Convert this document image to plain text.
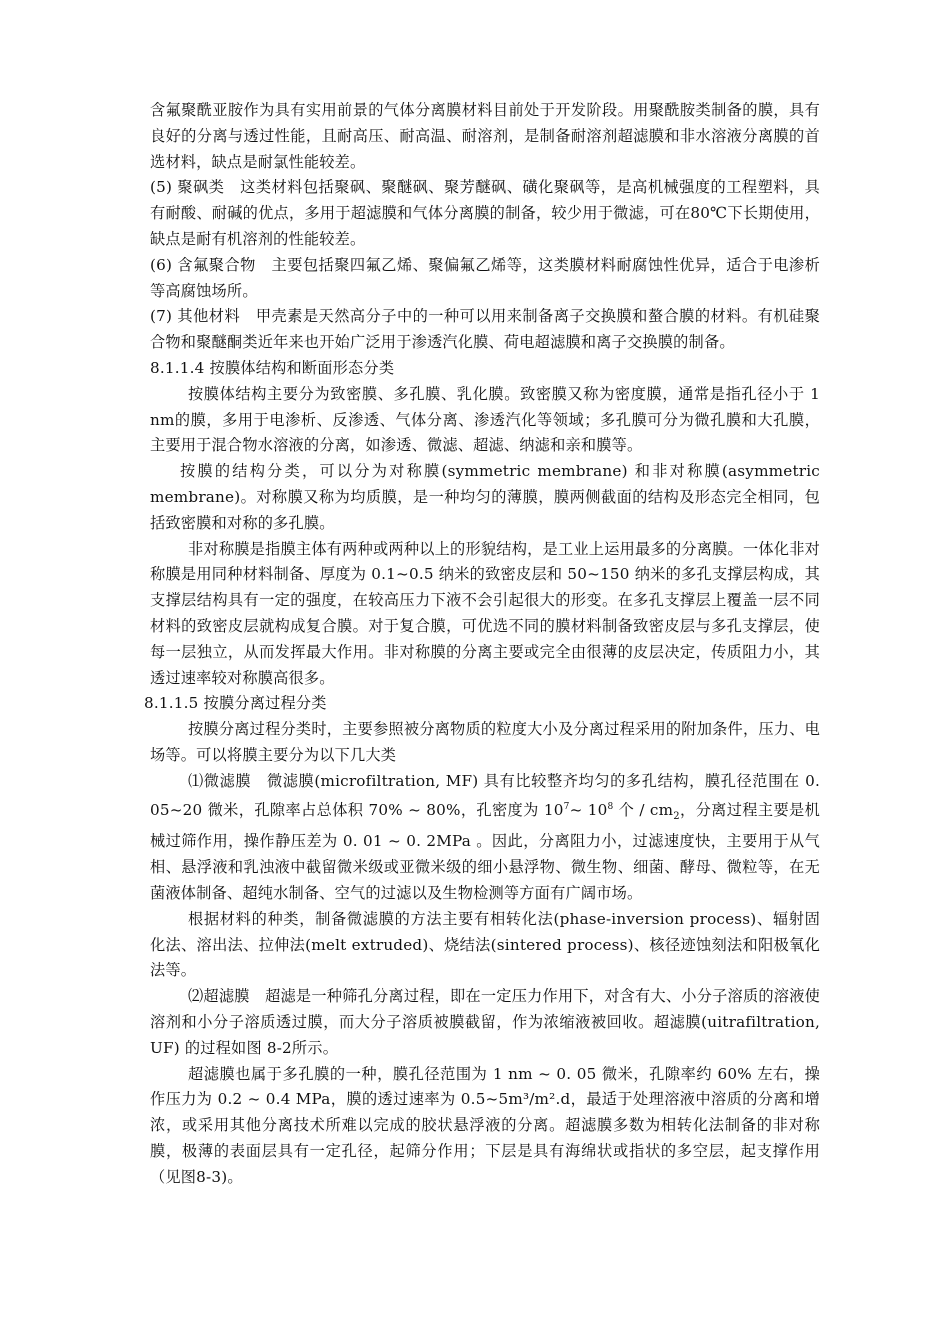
含氟聚酰亚胺作为具有实用前景的气体分离膜材料目前处于开发阶段。用聚酰胺类制备的膜，具有良好的分离与透过性能，且耐高压、耐高温、耐溶剂，是制备耐溶剂超滤膜和非水溶液分离膜的首选材料，缺点是耐氯性能较差。

(5) 聚砜类　这类材料包括聚砜、聚醚砜、聚芳醚砜、磺化聚砜等，是高机械强度的工程塑料，具有耐酸、耐碱的优点，多用于超滤膜和气体分离膜的制备，较少用于微滤，可在80℃下长期使用，缺点是耐有机溶剂的性能较差。

(6) 含氟聚合物　主要包括聚四氟乙烯、聚偏氟乙烯等，这类膜材料耐腐蚀性优异，适合于电渗析等高腐蚀场所。

(7) 其他材料　甲壳素是天然高分子中的一种可以用来制备离子交换膜和螯合膜的材料。有机硅聚合物和聚醚酮类近年来也开始广泛用于渗透汽化膜、荷电超滤膜和离子交换膜的制备。

8.1.1.4 按膜体结构和断面形态分类

按膜体结构主要分为致密膜、多孔膜、乳化膜。致密膜又称为密度膜，通常是指孔径小于 1 nm的膜，多用于电渗析、反渗透、气体分离、渗透汽化等领域；多孔膜可分为微孔膜和大孔膜，主要用于混合物水溶液的分离，如渗透、微滤、超滤、纳滤和亲和膜等。

按膜的结构分类，可以分为对称膜(symmetric membrane) 和非对称膜(asymmetric membrane)。对称膜又称为均质膜，是一种均匀的薄膜，膜两侧截面的结构及形态完全相同，包括致密膜和对称的多孔膜。

非对称膜是指膜主体有两种或两种以上的形貌结构，是工业上运用最多的分离膜。一体化非对称膜是用同种材料制备、厚度为 0.1~0.5 纳米的致密皮层和 50~150 纳米的多孔支撑层构成，其支撑层结构具有一定的强度，在较高压力下液不会引起很大的形变。在多孔支撑层上覆盖一层不同材料的致密皮层就构成复合膜。对于复合膜，可优选不同的膜材料制备致密皮层与多孔支撑层，使每一层独立，从而发挥最大作用。非对称膜的分离主要或完全由很薄的皮层决定，传质阻力小，其透过速率较对称膜高很多。

8.1.1.5 按膜分离过程分类

按膜分离过程分类时，主要参照被分离物质的粒度大小及分离过程采用的附加条件，压力、电场等。可以将膜主要分为以下几大类

⑴微滤膜　微滤膜(microfiltration, MF) 具有比较整齐均匀的多孔结构，膜孔径范围在 0. 05~20 微米，孔隙率占总体积 70% ~ 80%，孔密度为 $10^7\sim$ $10^8$ 个 / $cm_2$，分离过程主要是机械过筛作用，操作静压差为 0. 01 ~ 0. 2MPa 。因此，分离阻力小，过滤速度快，主要用于从气相、悬浮液和乳浊液中截留微米级或亚微米级的细小悬浮物、微生物、细菌、酵母、微粒等，在无菌液体制备、超纯水制备、空气的过滤以及生物检测等方面有广阔市场。

根据材料的种类，制备微滤膜的方法主要有相转化法(phase-inversion process)、辐射固化法、溶出法、拉伸法(melt extruded)、烧结法(sintered process)、核径迹蚀刻法和阳极氧化法等。

⑵超滤膜　超滤是一种筛孔分离过程，即在一定压力作用下，对含有大、小分子溶质的溶液使溶剂和小分子溶质透过膜，而大分子溶质被膜截留，作为浓缩液被回收。超滤膜(uitrafiltration, UF) 的过程如图 8-2所示。

超滤膜也属于多孔膜的一种，膜孔径范围为 1 nm ~ 0. 05 微米，孔隙率约 60% 左右，操作压力为 0.2 ~ 0.4 MPa，膜的透过速率为 0.5~5m³/m².d，最适于处理溶液中溶质的分离和增浓，或采用其他分离技术所难以完成的胶状悬浮液的分离。超滤膜多数为相转化法制备的非对称膜，极薄的表面层具有一定孔径，起筛分作用；下层是具有海绵状或指状的多空层，起支撑作用（见图8-3)。
